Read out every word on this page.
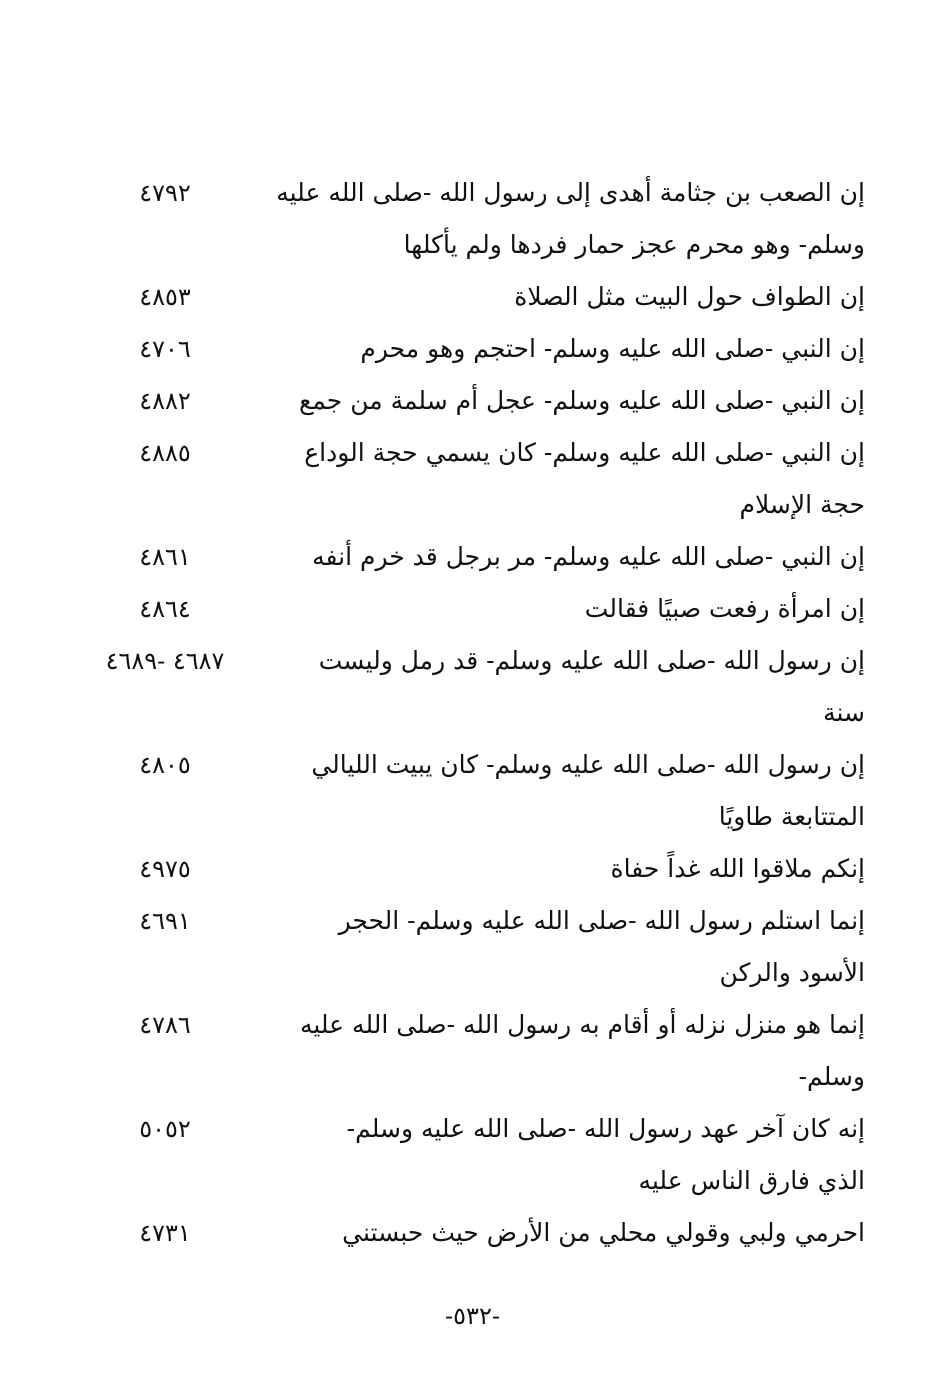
إن الصعب بن جثامة أهدى إلى رسول الله -صلى الله عليه
٤٧٩٢
وسلم- وهو محرم عجز حمار فردها ولم يأكلها
إن الطواف حول البيت مثل الصلاة
٤٨٥٣
إن النبي -صلى الله عليه وسلم- احتجم وهو محرم
٤٧٠٦
إن النبي -صلى الله عليه وسلم- عجل أم سلمة من جمع
٤٨٨٢
إن النبي -صلى الله عليه وسلم- كان يسمي حجة الوداع
٤٨٨٥
حجة الإسلام
إن النبي -صلى الله عليه وسلم- مر برجل قد خرم أنفه
٤٨٦١
إن امرأة رفعت صبيًا فقالت
٤٨٦٤
إن رسول الله -صلى الله عليه وسلم- قد رمل وليست
٤٦٨٧ -٤٦٨٩
سنة
إن رسول الله -صلى الله عليه وسلم- كان يبيت الليالي
٤٨٠٥
المتتابعة طاويًا
إنكم ملاقوا الله غداً حفاة
٤٩٧٥
إنما استلم رسول الله -صلى الله عليه وسلم- الحجر
٤٦٩١
الأسود والركن
إنما هو منزل نزله أو أقام به رسول الله -صلى الله عليه
٤٧٨٦
وسلم-
إنه كان آخر عهد رسول الله -صلى الله عليه وسلم-
٥٠٥٢
الذي فارق الناس عليه
احرمي ولبي وقولي محلي من الأرض حيث حبستني
٤٧٣١
-٥٣٢-
